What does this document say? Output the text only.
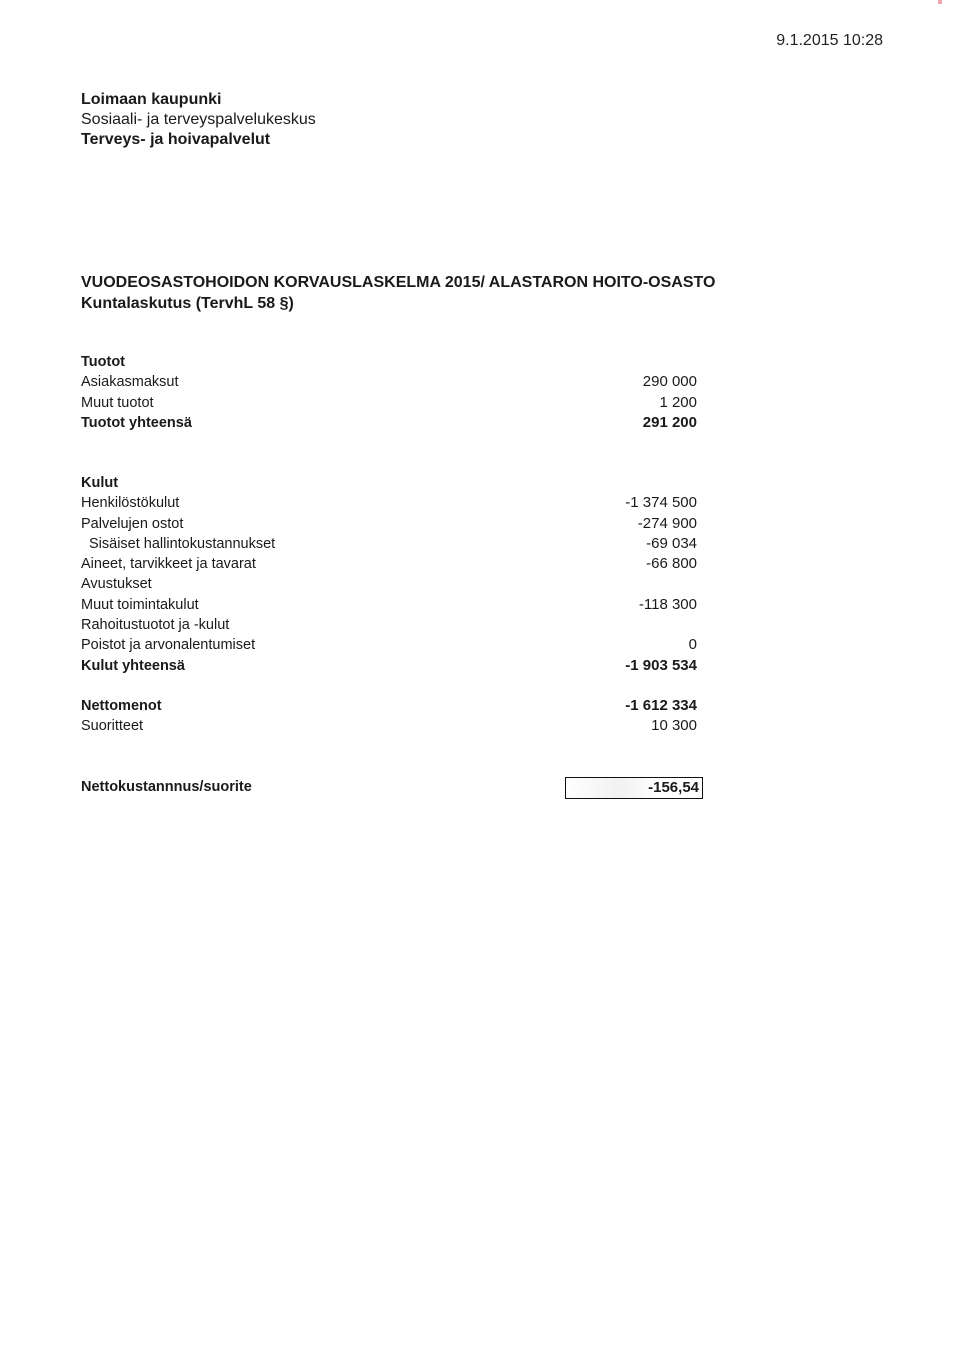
9.1.2015 10:28
Loimaan kaupunki
Sosiaali- ja terveyspalvelukeskus
Terveys- ja hoivapalvelut
VUODEOSASTOHOIDON KORVAUSLASKELMA 2015/ ALASTARON HOITO-OSASTO
Kuntalaskutus (TervhL 58 §)
Tuotot
Asiakasmaksut	290 000
Muut tuotot	1 200
Tuotot yhteensä	291 200
Kulut
Henkilöstökulut	-1 374 500
Palvelujen ostot	-274 900
Sisäiset hallintokustannukset	-69 034
Aineet, tarvikkeet ja tavarat	-66 800
Avustukset
Muut toimintakulut	-118 300
Rahoitustuotot ja -kulut
Poistot ja arvonalentumiset	0
Kulut yhteensä	-1 903 534
Nettomenot	-1 612 334
Suoritteet	10 300
Nettokustannnus/suorite	-156,54
